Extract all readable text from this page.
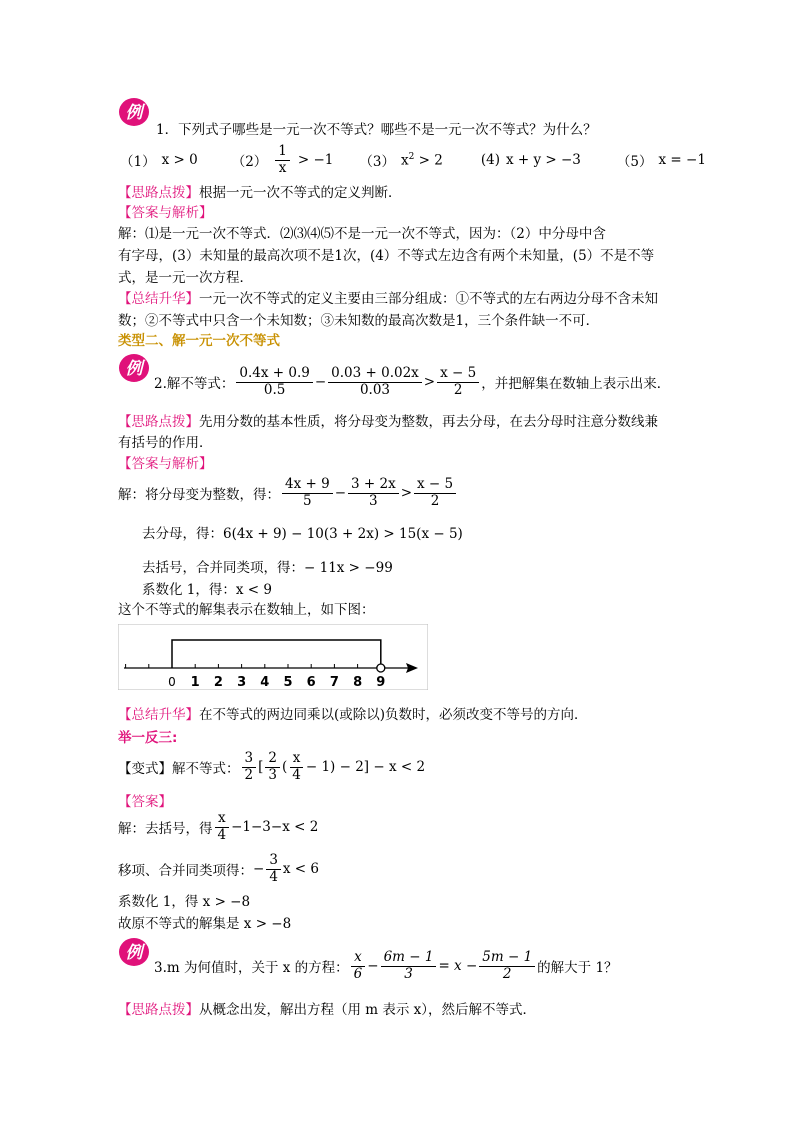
例
1．下列式子哪些是一元一次不等式？哪些不是一元一次不等式？为什么？
（1） x > 0	$(2) \frac{1}{x} > -1$ （3） $x^2 > 2$	(4) x + y > −3	（5） x = −1
【思路点拨】根据一元一次不等式的定义判断．
【答案与解析】
解：⑴是一元一次不等式．⑵⑶⑷⑸不是一元一次不等式，因为：（2）中分母中含
有字母，(3）未知量的最高次项不是1次，(4）不等式左边含有两个未知量，(5）不是不等
式，是一元一次方程．
【总结升华】一元一次不等式的定义主要由三部分组成：①不等式的左右两边分母不含未知
数；②不等式中只含一个未知数；③未知数的最高次数是1，三个条件缺一不可．
类型二、解一元一次不等式
例
2.解不等式： $\frac{0.4x + 0.9}{0.5} - \frac{0.03 + 0.02x}{0.03} > \frac{x - 5}{2}$ ，并把解集在数轴上表示出来．
【思路点拨】先用分数的基本性质，将分母变为整数，再去分母，在去分母时注意分数线兼
有括号的作用．
【答案与解析】
解：将分母变为整数，得： $\frac{4x + 9}{5} - \frac{3 + 2x}{3} > \frac{x - 5}{2}$
去分母，得：6(4x + 9) − 10(3 + 2x) > 15(x − 5)
去括号，合并同类项，得：− 11x > −99
系数化 1，得：x < 9
这个不等式的解集表示在数轴上，如下图：
0 1 2 3 4 5 6 7 8 9
【总结升华】在不等式的两边同乘以(或除以)负数时，必须改变不等号的方向．
举一反三:
【变式】 解不等式： $\frac{3}{2}$ [ $\frac{2}{3}$ ( $\frac{x}{4} - 1) - 2] - x < 2$
【答案】
解：去括号，得 $\frac{x}{4} -1-3-x < 2$
移项、合并同类项得： − $\frac{3}{4}$ x < 6
系数化 1，得 x > −8
故原不等式的解集是 x > −8
例
3.m 为何值时，关于 x 的方程： $\frac{x}{6} - \frac{6m - 1}{3} = x - \frac{5m - 1}{2}$ 的解大于 1？
【思路点拨】从概念出发，解出方程（用 m 表示 x），然后解不等式．
